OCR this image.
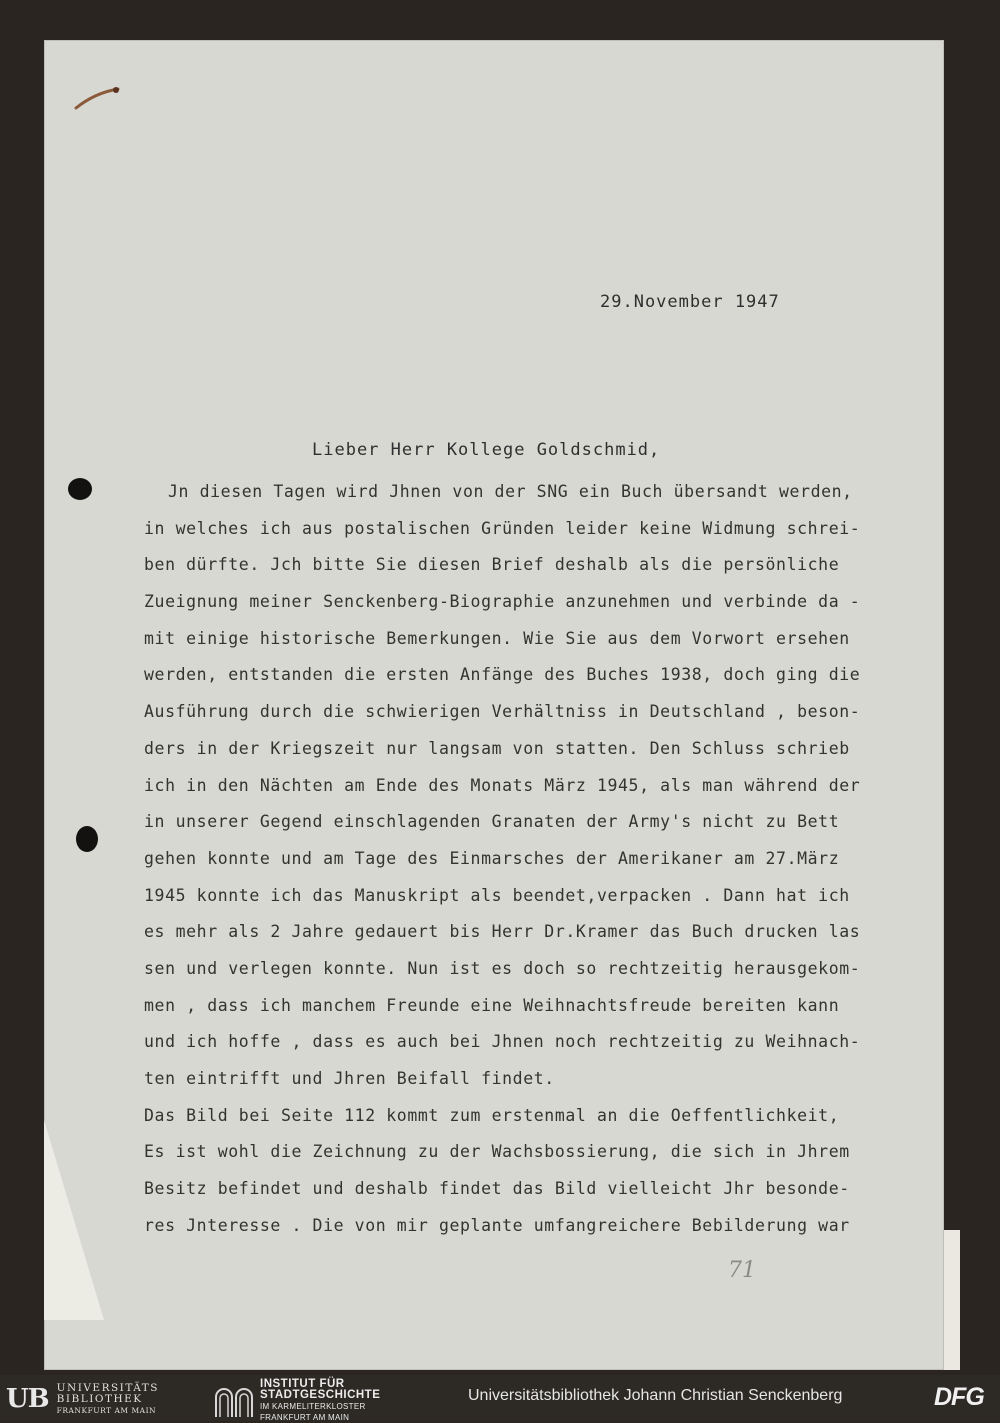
29.November 1947
Lieber Herr Kollege Goldschmid,
Jn diesen Tagen wird Jhnen von der SNG ein Buch übersandt werden,
in welches ich aus postalischen Gründen leider keine Widmung schrei-
ben dürfte. Jch bitte Sie diesen Brief deshalb als die persönliche
Zueignung meiner Senckenberg-Biographie anzunehmen und verbinde da -
mit einige historische Bemerkungen. Wie Sie aus dem Vorwort ersehen
werden, entstanden die ersten Anfänge des Buches 1938, doch ging die
Ausführung durch die schwierigen Verhältniss in Deutschland , beson-
ders in der Kriegszeit nur langsam von statten. Den Schluss schrieb
ich in den Nächten am Ende des Monats März 1945, als man während der
in unserer Gegend einschlagenden Granaten der Army's nicht zu Bett
gehen konnte und am Tage des Einmarsches der Amerikaner am 27.März
1945 konnte ich das Manuskript als beendet,verpacken . Dann hat ich
es mehr als 2 Jahre gedauert bis Herr Dr.Kramer das Buch drucken las
sen und verlegen konnte. Nun ist es doch so rechtzeitig herausgekom-
men , dass ich manchem Freunde eine Weihnachtsfreude bereiten kann
und ich hoffe , dass es auch bei Jhnen noch rechtzeitig zu Weihnach-
ten eintrifft und Jhren Beifall findet.
Das Bild bei Seite 112 kommt zum erstenmal an die Oeffentlichkeit,
Es ist wohl die Zeichnung zu der Wachsbossierung, die sich in Jhrem
Besitz befindet und deshalb findet das Bild vielleicht Jhr besonde-
res Jnteresse . Die von mir geplante umfangreichere Bebilderung war
71
UB UNIVERSITÄTS
BIBLIOTHEK
FRANKFURT AM MAIN
INSTITUT FÜR
STADTGESCHICHTE
IM KARMELITERKLOSTER
FRANKFURT AM MAIN
Universitätsbibliothek Johann Christian Senckenberg	DFG
